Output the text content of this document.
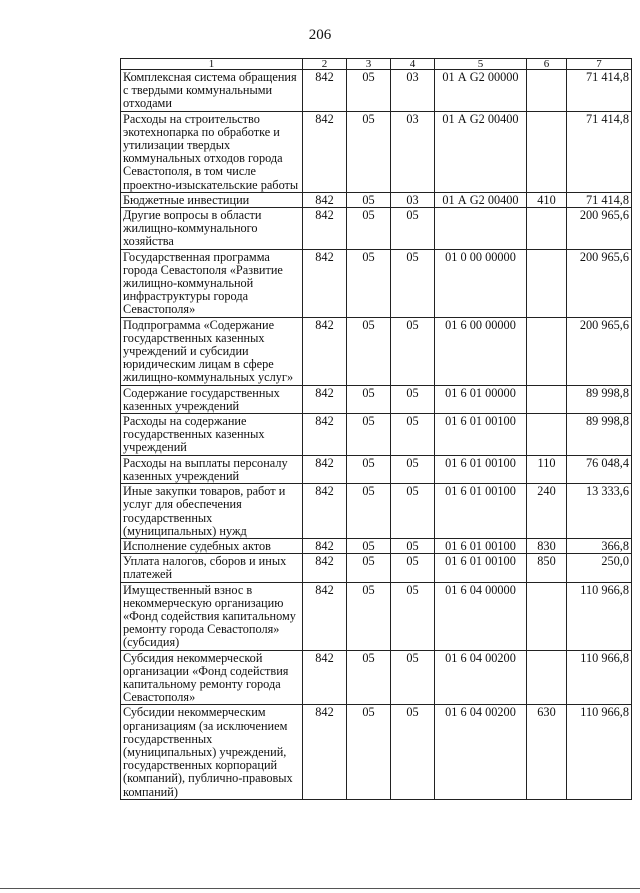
206
1	2	3	4	5	6	7
Комплексная система обращения с твердыми коммунальными отходами	842	05	03	01 А G2 00000		71 414,8
Расходы на строительство экотехнопарка по обработке и утилизации твердых коммунальных отходов города Севастополя, в том числе проектно-изыскательские работы	842	05	03	01 А G2 00400		71 414,8
Бюджетные инвестиции	842	05	03	01 А G2 00400	410	71 414,8
Другие вопросы в области жилищно-коммунального хозяйства	842	05	05			200 965,6
Государственная программа города Севастополя «Развитие жилищно-коммунальной инфраструктуры города Севастополя»	842	05	05	01 0 00 00000		200 965,6
Подпрограмма «Содержание государственных казенных учреждений и субсидии юридическим лицам в сфере жилищно-коммунальных услуг»	842	05	05	01 6 00 00000		200 965,6
Содержание государственных казенных учреждений	842	05	05	01 6 01 00000		89 998,8
Расходы на содержание государственных казенных учреждений	842	05	05	01 6 01 00100		89 998,8
Расходы на выплаты персоналу казенных учреждений	842	05	05	01 6 01 00100	110	76 048,4
Иные закупки товаров, работ и услуг для обеспечения государственных (муниципальных) нужд	842	05	05	01 6 01 00100	240	13 333,6
Исполнение судебных актов	842	05	05	01 6 01 00100	830	366,8
Уплата налогов, сборов и иных платежей	842	05	05	01 6 01 00100	850	250,0
Имущественный взнос в некоммерческую организацию «Фонд содействия капитальному ремонту города Севастополя» (субсидия)	842	05	05	01 6 04 00000		110 966,8
Субсидия некоммерческой организации «Фонд содействия капитальному ремонту города Севастополя»	842	05	05	01 6 04 00200		110 966,8
Субсидии некоммерческим организациям (за исключением государственных (муниципальных) учреждений, государственных корпораций (компаний), публично-правовых компаний)	842	05	05	01 6 04 00200	630	110 966,8
